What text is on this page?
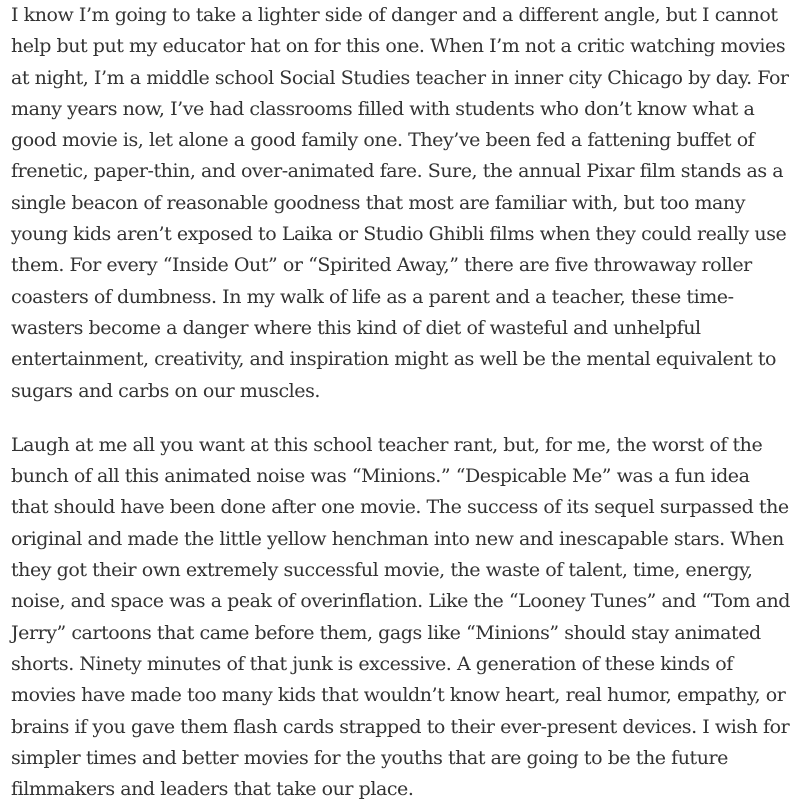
I know I’m going to take a lighter side of danger and a different angle, but I cannot help but put my educator hat on for this one. When I’m not a critic watching movies at night, I’m a middle school Social Studies teacher in inner city Chicago by day. For many years now, I’ve had classrooms filled with students who don’t know what a good movie is, let alone a good family one. They’ve been fed a fattening buffet of frenetic, paper-thin, and over-animated fare. Sure, the annual Pixar film stands as a single beacon of reasonable goodness that most are familiar with, but too many young kids aren’t exposed to Laika or Studio Ghibli films when they could really use them. For every “Inside Out” or “Spirited Away,” there are five throwaway roller coasters of dumbness. In my walk of life as a parent and a teacher, these time-wasters become a danger where this kind of diet of wasteful and unhelpful entertainment, creativity, and inspiration might as well be the mental equivalent to sugars and carbs on our muscles.

Laugh at me all you want at this school teacher rant, but, for me, the worst of the bunch of all this animated noise was “Minions.” “Despicable Me” was a fun idea that should have been done after one movie. The success of its sequel surpassed the original and made the little yellow henchman into new and inescapable stars. When they got their own extremely successful movie, the waste of talent, time, energy, noise, and space was a peak of overinflation. Like the “Looney Tunes” and “Tom and Jerry” cartoons that came before them, gags like “Minions” should stay animated shorts. Ninety minutes of that junk is excessive. A generation of these kinds of movies have made too many kids that wouldn’t know heart, real humor, empathy, or brains if you gave them flash cards strapped to their ever-present devices. I wish for simpler times and better movies for the youths that are going to be the future filmmakers and leaders that take our place.
